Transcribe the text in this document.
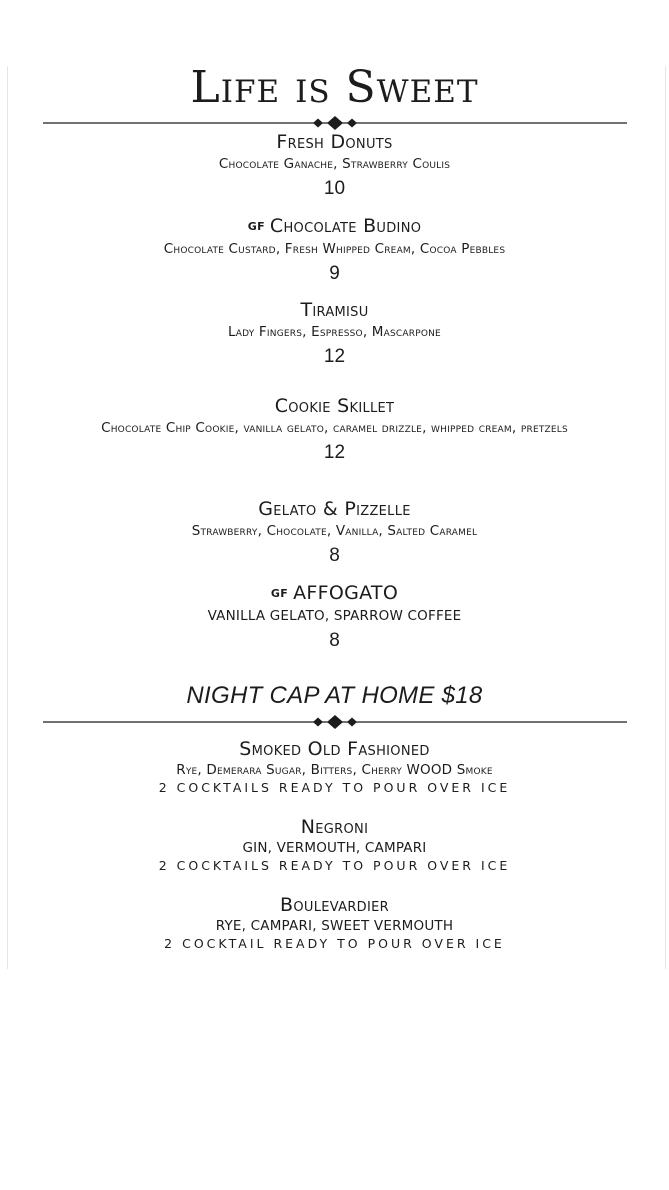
Life is Sweet
Fresh Donuts
Chocolate Ganache, Strawberry Coulis
10
GF Chocolate Budino
Chocolate Custard, Fresh Whipped Cream, Cocoa Pebbles
9
Tiramisu
Lady Fingers, Espresso, Mascarpone
12
Cookie Skillet
Chocolate Chip Cookie, vanilla gelato, caramel drizzle, whipped cream, pretzels
12
Gelato & Pizzelle
Strawberry, Chocolate, Vanilla, Salted Caramel
8
GF AFFOGATO
VANILLA GELATO, SPARROW COFFEE
8
NIGHT CAP AT HOME $18
Smoked Old Fashioned
Rye, Demerara Sugar, Bitters, Cherry WOOD Smoke
2 COCKTAILS READY TO POUR OVER ICE
Negroni
GIN, VERMOUTH, CAMPARI
2 COCKTAILS READY TO POUR OVER ICE
Boulevardier
RYE, CAMPARI, SWEET VERMOUTH
2 COCKTAIL READY TO POUR OVER ICE
